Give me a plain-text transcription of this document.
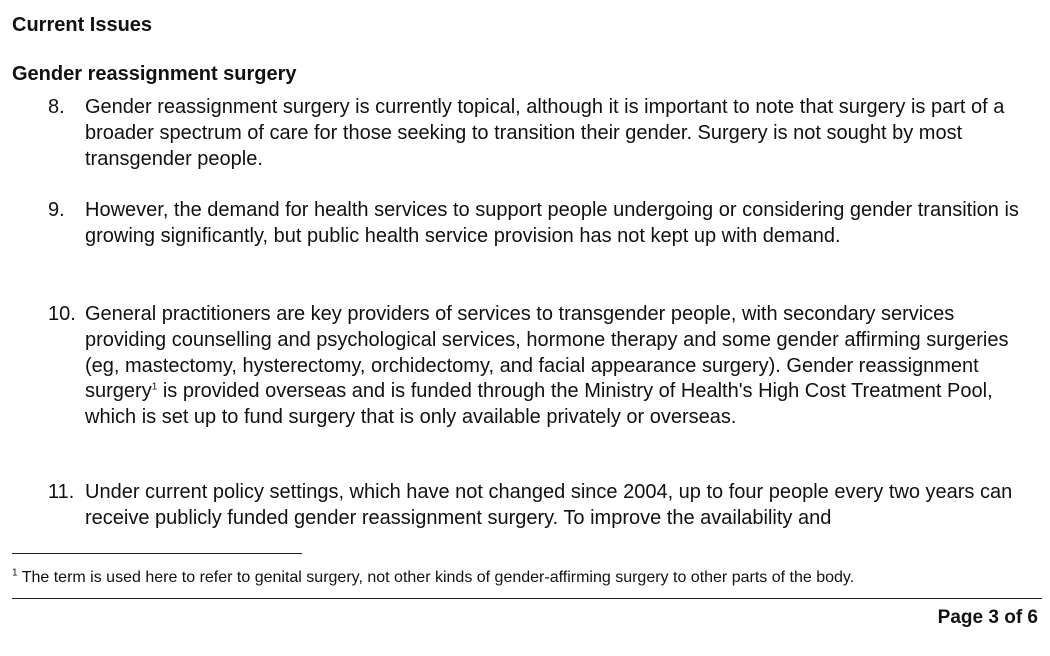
Current Issues
Gender reassignment surgery
8.	Gender reassignment surgery is currently topical, although it is important to note that surgery is part of a broader spectrum of care for those seeking to transition their gender. Surgery is not sought by most transgender people.
9.	However, the demand for health services to support people undergoing or considering gender transition is growing significantly, but public health service provision has not kept up with demand.
10. General practitioners are key providers of services to transgender people, with secondary services providing counselling and psychological services, hormone therapy and some gender affirming surgeries (eg, mastectomy, hysterectomy, orchidectomy, and facial appearance surgery). Gender reassignment surgery$^1$ is provided overseas and is funded through the Ministry of Health's High Cost Treatment Pool, which is set up to fund surgery that is only available privately or overseas.
11. Under current policy settings, which have not changed since 2004, up to four people every two years can receive publicly funded gender reassignment surgery. To improve the availability and
$^1$ The term is used here to refer to genital surgery, not other kinds of gender-affirming surgery to other parts of the body.
Page 3 of 6
